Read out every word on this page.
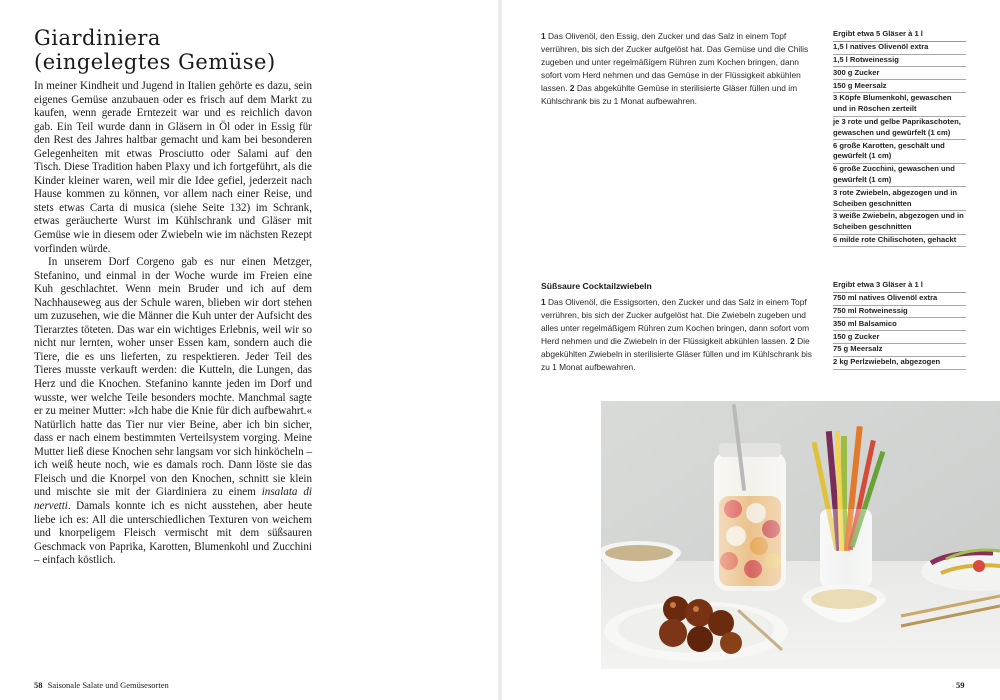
Giardiniera
(eingelegtes Gemüse)

In meiner Kindheit und Jugend in Italien gehörte es dazu, sein eigenes Gemüse anzubauen oder es frisch auf dem Markt zu kaufen, wenn gerade Erntezeit war und es reichlich davon gab. Ein Teil wurde dann in Gläsern in Öl oder in Essig für den Rest des Jahres haltbar gemacht und kam bei besonderen Gelegenheiten mit etwas Prosciutto oder Salami auf den Tisch. Diese Tradition haben Plaxy und ich fortgeführt, als die Kinder kleiner waren, weil mir die Idee gefiel, jederzeit nach Hause kommen zu können, vor allem nach einer Reise, und stets etwas Carta di musica (siehe Seite 132) im Schrank, etwas geräucherte Wurst im Kühlschrank und Gläser mit Gemüse wie in diesem oder Zwiebeln wie im nächsten Rezept vorfinden würde.

In unserem Dorf Corgeno gab es nur einen Metzger, Stefanino, und einmal in der Woche wurde im Freien eine Kuh geschlachtet. Wenn mein Bruder und ich auf dem Nachhauseweg aus der Schule waren, blieben wir dort stehen um zuzusehen, wie die Männer die Kuh unter der Aufsicht des Tierarztes töteten. Das war ein wichtiges Erlebnis, weil wir so nicht nur lernten, woher unser Essen kam, sondern auch die Tiere, die es uns lieferten, zu respektieren. Jeder Teil des Tieres musste verkauft werden: die Kutteln, die Lungen, das Herz und die Knochen. Stefanino kannte jeden im Dorf und wusste, wer welche Teile besonders mochte. Manchmal sagte er zu meiner Mutter: »Ich habe die Knie für dich aufbewahrt.« Natürlich hatte das Tier nur vier Beine, aber ich bin sicher, dass er nach einem bestimmten Verteilsystem vorging. Meine Mutter ließ diese Knochen sehr langsam vor sich hinköcheln – ich weiß heute noch, wie es damals roch. Dann löste sie das Fleisch und die Knorpel von den Knochen, schnitt sie klein und mischte sie mit der Giardiniera zu einem insalata di nervetti. Damals konnte ich es nicht ausstehen, aber heute liebe ich es: All die unterschiedlichen Texturen von weichem und knorpeligem Fleisch vermischt mit dem süßsauren Geschmack von Paprika, Karotten, Blumenkohl und Zucchini – einfach köstlich.

58 Saisonale Salate und Gemüsesorten
1 Das Olivenöl, den Essig, den Zucker und das Salz in einem Topf verrühren, bis sich der Zucker aufgelöst hat. Das Gemüse und die Chilis zugeben und unter regelmäßigem Rühren zum Kochen bringen, dann sofort vom Herd nehmen und das Gemüse in der Flüssigkeit abkühlen lassen. 2 Das abgekühlte Gemüse in sterilisierte Gläser füllen und im Kühlschrank bis zu 1 Monat aufbewahren.
Ergibt etwa 5 Gläser à 1 l
1,5 l natives Olivenöl extra
1,5 l Rotweinessig
300 g Zucker
150 g Meersalz
3 Köpfe Blumenkohl, gewaschen und in Röschen zerteilt
je 3 rote und gelbe Paprikaschoten, gewaschen und gewürfelt (1 cm)
6 große Karotten, geschält und gewürfelt (1 cm)
6 große Zucchini, gewaschen und gewürfelt (1 cm)
3 rote Zwiebeln, abgezogen und in Scheiben geschnitten
3 weiße Zwiebeln, abgezogen und in Scheiben geschnitten
6 milde rote Chilischoten, gehackt
Süßsaure Cocktailzwiebeln
1 Das Olivenöl, die Essigsorten, den Zucker und das Salz in einem Topf verrühren, bis sich der Zucker aufgelöst hat. Die Zwiebeln zugeben und alles unter regelmäßigem Rühren zum Kochen bringen, dann sofort vom Herd nehmen und die Zwiebeln in der Flüssigkeit abkühlen lassen. 2 Die abgekühlten Zwiebeln in sterilisierte Gläser füllen und im Kühlschrank bis zu 1 Monat aufbewahren.
Ergibt etwa 3 Gläser à 1 l
750 ml natives Olivenöl extra
750 ml Rotweinessig
350 ml Balsamico
150 g Zucker
75 g Meersalz
2 kg Perlzwiebeln, abgezogen
59
